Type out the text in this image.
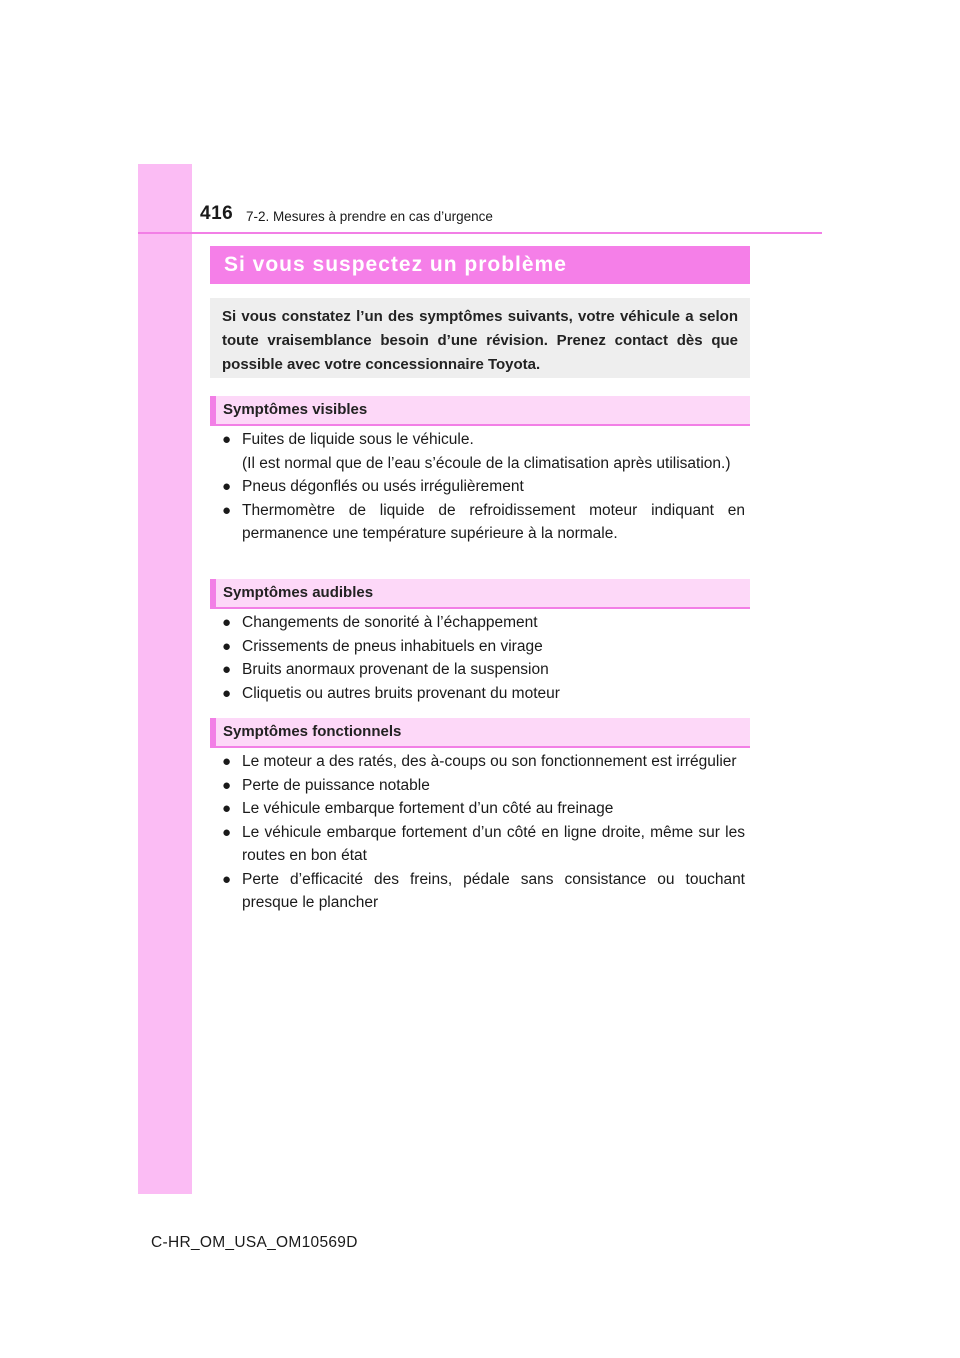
416 7-2. Mesures à prendre en cas d’urgence
Si vous suspectez un problème

Si vous constatez l’un des symptômes suivants, votre véhicule a selon toute vraisemblance besoin d’une révision. Prenez contact dès que possible avec votre concessionnaire Toyota.

Symptômes visibles
● Fuites de liquide sous le véhicule.
(Il est normal que de l’eau s’écoule de la climatisation après utilisation.)
● Pneus dégonflés ou usés irrégulièrement
● Thermomètre de liquide de refroidissement moteur indiquant en permanence une température supérieure à la normale.
Symptômes audibles
● Changements de sonorité à l’échappement
● Crissements de pneus inhabituels en virage
● Bruits anormaux provenant de la suspension
● Cliquetis ou autres bruits provenant du moteur
Symptômes fonctionnels
● Le moteur a des ratés, des à-coups ou son fonctionnement est irrégulier
● Perte de puissance notable
● Le véhicule embarque fortement d’un côté au freinage
● Le véhicule embarque fortement d’un côté en ligne droite, même sur les routes en bon état
● Perte d’efficacité des freins, pédale sans consistance ou touchant presque le plancher
C-HR_OM_USA_OM10569D
